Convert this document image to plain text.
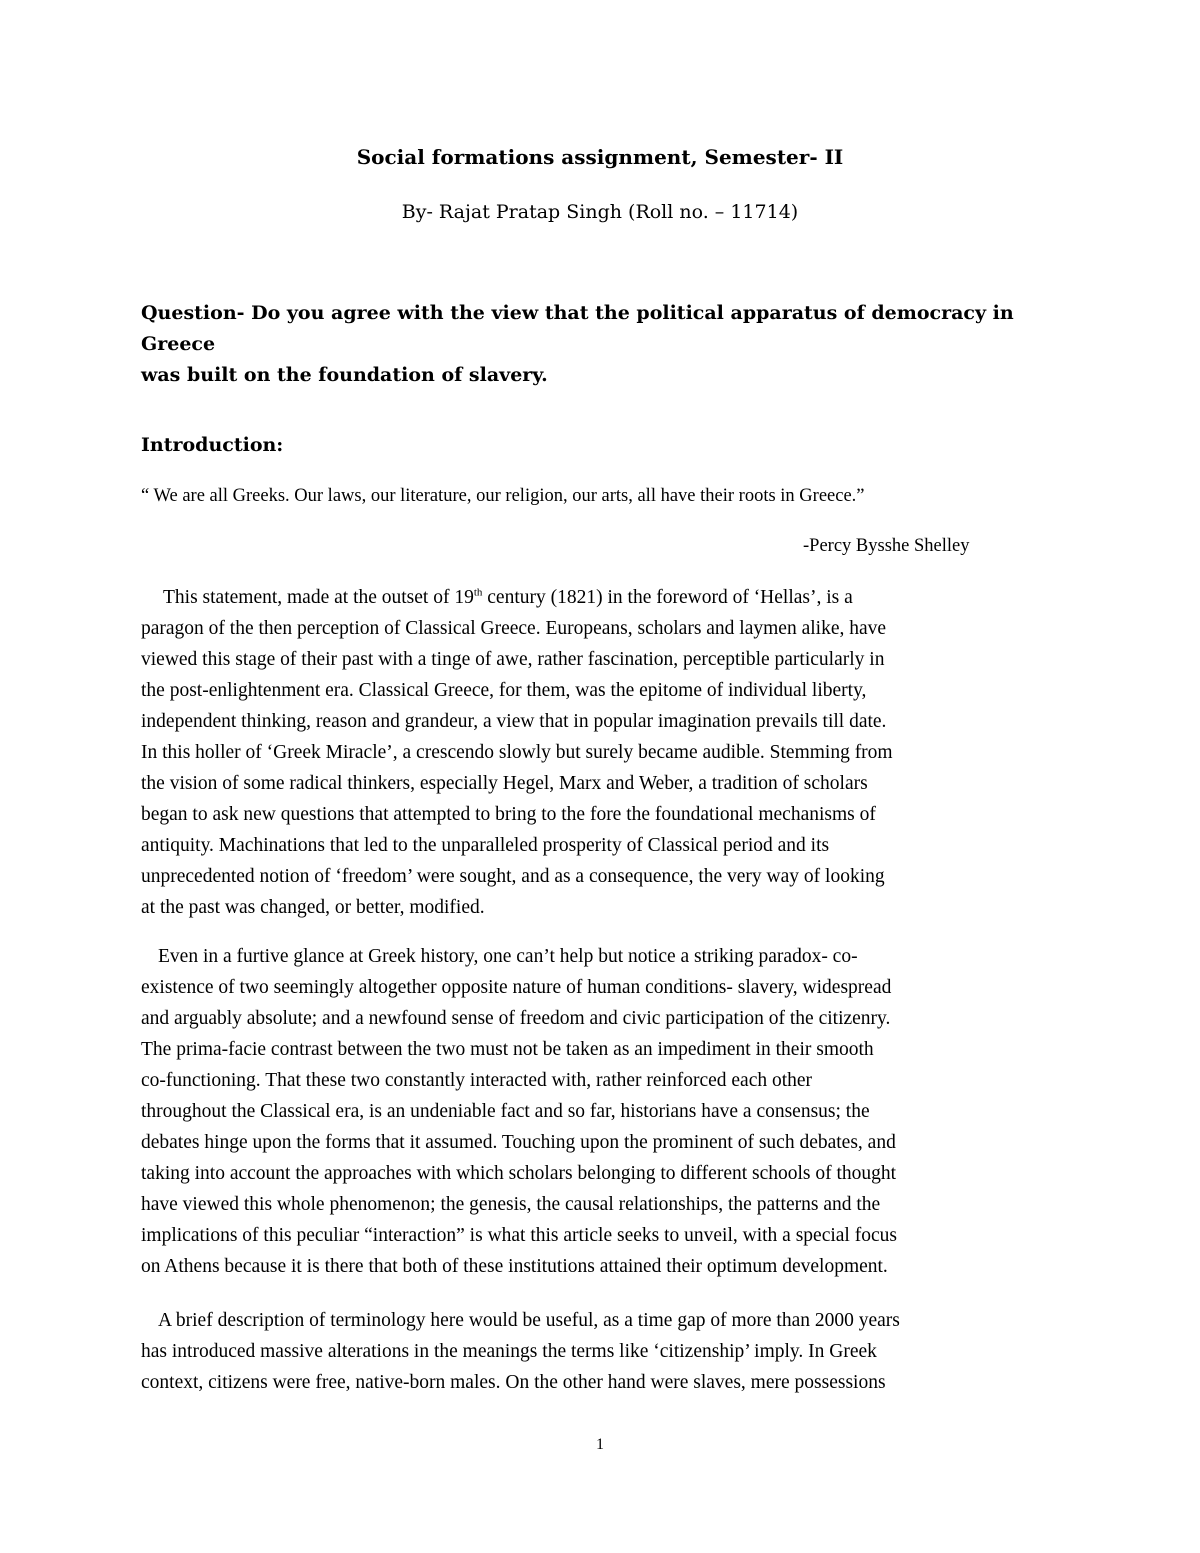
Social formations assignment, Semester- II
By- Rajat Pratap Singh (Roll no. – 11714)
Question- Do you agree with the view that the political apparatus of democracy in Greece
was built on the foundation of slavery.
Introduction:
“ We are all Greeks. Our laws, our literature, our religion, our arts, all have their roots in Greece.”
-Percy Bysshe Shelley
This statement, made at the outset of 19th century (1821) in the foreword of ‘Hellas’, is a
paragon of the then perception of Classical Greece. Europeans, scholars and laymen alike, have
viewed this stage of their past with a tinge of awe, rather fascination, perceptible particularly in
the post-enlightenment era. Classical Greece, for them, was the epitome of individual liberty,
independent thinking, reason and grandeur, a view that in popular imagination prevails till date.
In this holler of ‘Greek Miracle’, a crescendo slowly but surely became audible. Stemming from
the vision of some radical thinkers, especially Hegel, Marx and Weber, a tradition of scholars
began to ask new questions that attempted to bring to the fore the foundational mechanisms of
antiquity. Machinations that led to the unparalleled prosperity of Classical period and its
unprecedented notion of ‘freedom’ were sought, and as a consequence, the very way of looking
at the past was changed, or better, modified.
Even in a furtive glance at Greek history, one can’t help but notice a striking paradox- co-
existence of two seemingly altogether opposite nature of human conditions- slavery, widespread
and arguably absolute; and a newfound sense of freedom and civic participation of the citizenry.
The prima-facie contrast between the two must not be taken as an impediment in their smooth
co-functioning. That these two constantly interacted with, rather reinforced each other
throughout the Classical era, is an undeniable fact and so far, historians have a consensus; the
debates hinge upon the forms that it assumed. Touching upon the prominent of such debates, and
taking into account the approaches with which scholars belonging to different schools of thought
have viewed this whole phenomenon; the genesis, the causal relationships, the patterns and the
implications of this peculiar “interaction” is what this article seeks to unveil, with a special focus
on Athens because it is there that both of these institutions attained their optimum development.
A brief description of terminology here would be useful, as a time gap of more than 2000 years
has introduced massive alterations in the meanings the terms like ‘citizenship’ imply. In Greek
context, citizens were free, native-born males. On the other hand were slaves, mere possessions
1
